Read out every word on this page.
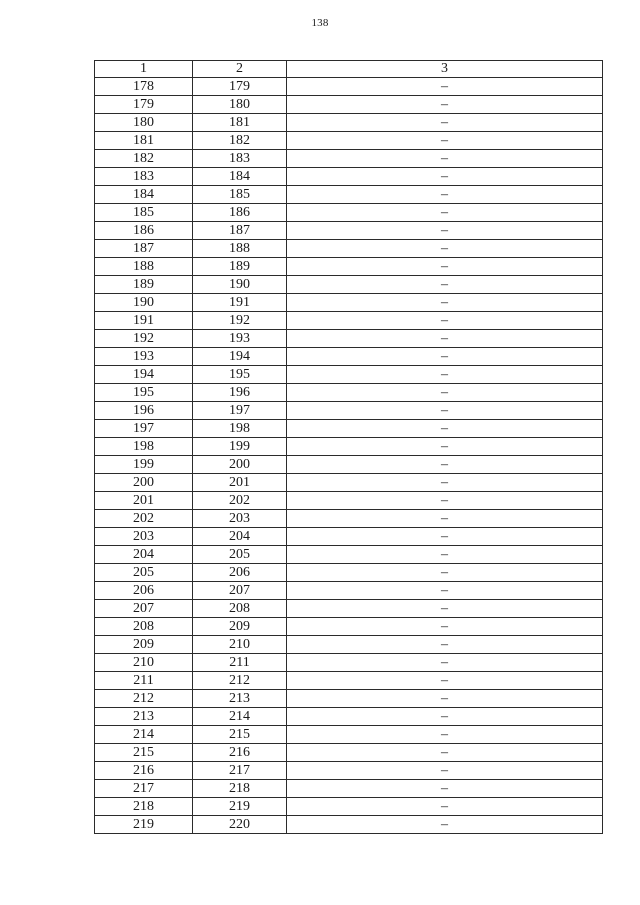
138
1	2	3
178	179	–
179	180	–
180	181	–
181	182	–
182	183	–
183	184	–
184	185	–
185	186	–
186	187	–
187	188	–
188	189	–
189	190	–
190	191	–
191	192	–
192	193	–
193	194	–
194	195	–
195	196	–
196	197	–
197	198	–
198	199	–
199	200	–
200	201	–
201	202	–
202	203	–
203	204	–
204	205	–
205	206	–
206	207	–
207	208	–
208	209	–
209	210	–
210	211	–
211	212	–
212	213	–
213	214	–
214	215	–
215	216	–
216	217	–
217	218	–
218	219	–
219	220	–
